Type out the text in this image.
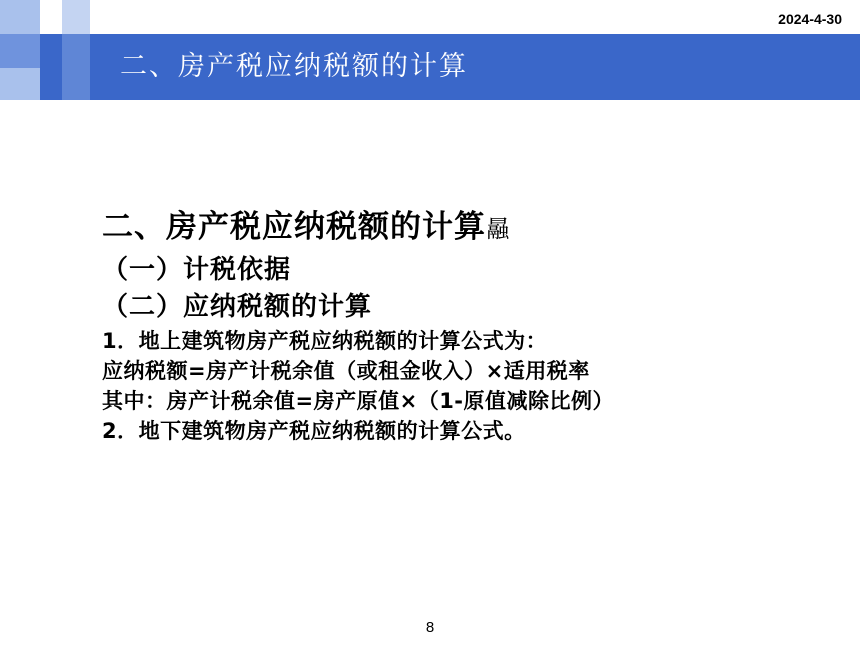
二、房产税应纳税额的计算
2024-4-30
二、房产税应纳税额的计算曧
（一）计税依据
（二）应纳税额的计算
1．地上建筑物房产税应纳税额的计算公式为：
应纳税额=房产计税余值（或租金收入）×适用税率
其中：房产计税余值=房产原值×（1-原值减除比例）
2．地下建筑物房产税应纳税额的计算公式。
8
